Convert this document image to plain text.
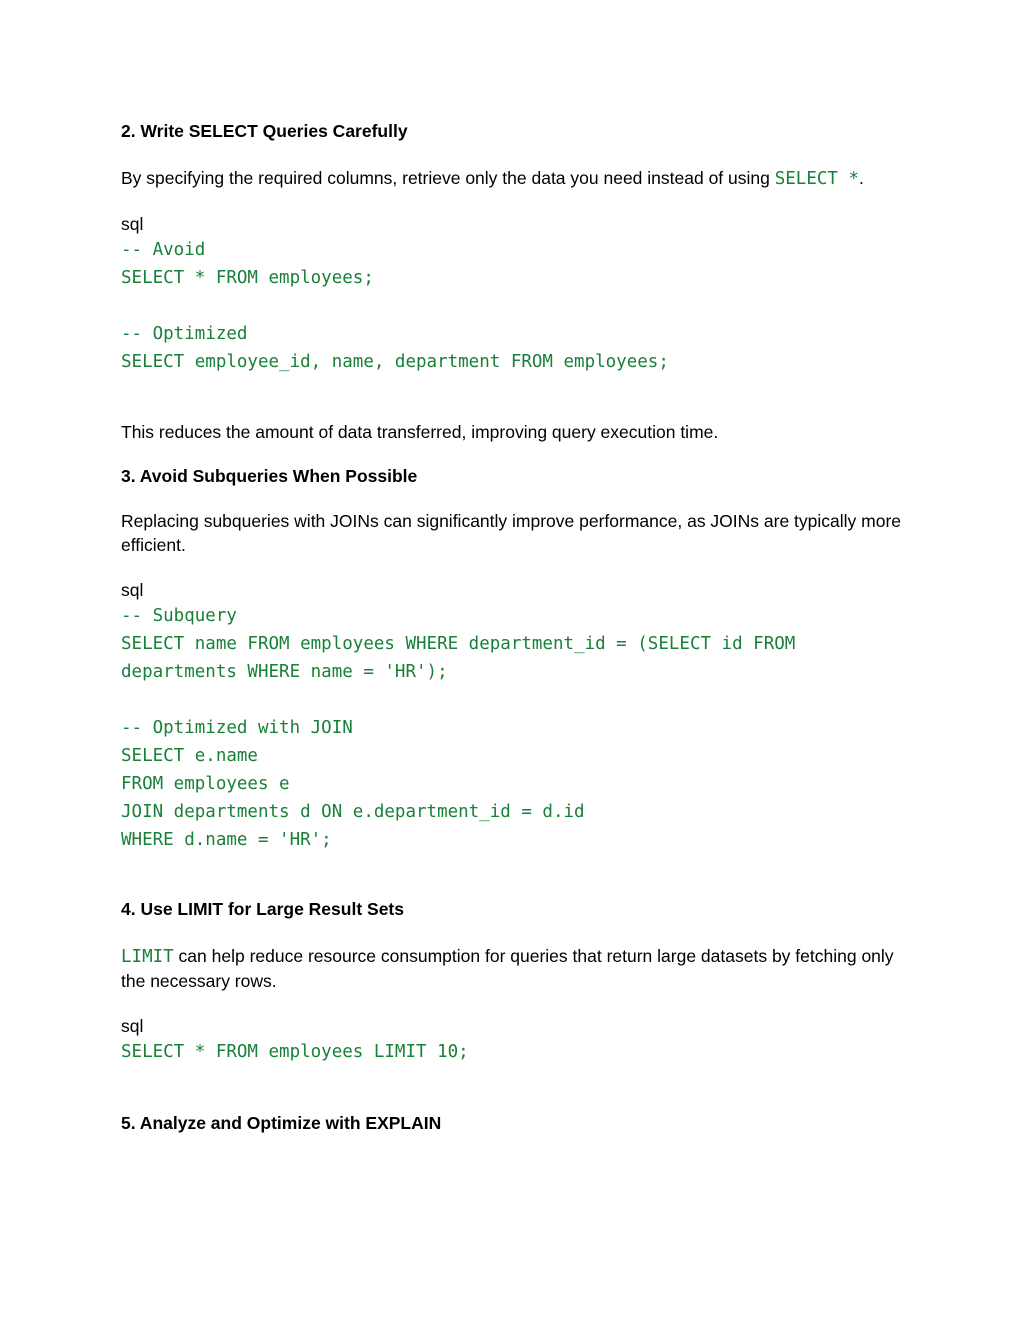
2. Write SELECT Queries Carefully
By specifying the required columns, retrieve only the data you need instead of using SELECT *.
sql
-- Avoid
SELECT * FROM employees;

-- Optimized
SELECT employee_id, name, department FROM employees;
This reduces the amount of data transferred, improving query execution time.
3. Avoid Subqueries When Possible
Replacing subqueries with JOINs can significantly improve performance, as JOINs are typically more efficient.
sql
-- Subquery
SELECT name FROM employees WHERE department_id = (SELECT id FROM
departments WHERE name = 'HR');

-- Optimized with JOIN
SELECT e.name
FROM employees e
JOIN departments d ON e.department_id = d.id
WHERE d.name = 'HR';
4. Use LIMIT for Large Result Sets
LIMIT can help reduce resource consumption for queries that return large datasets by fetching only the necessary rows.
sql
SELECT * FROM employees LIMIT 10;
5. Analyze and Optimize with EXPLAIN
